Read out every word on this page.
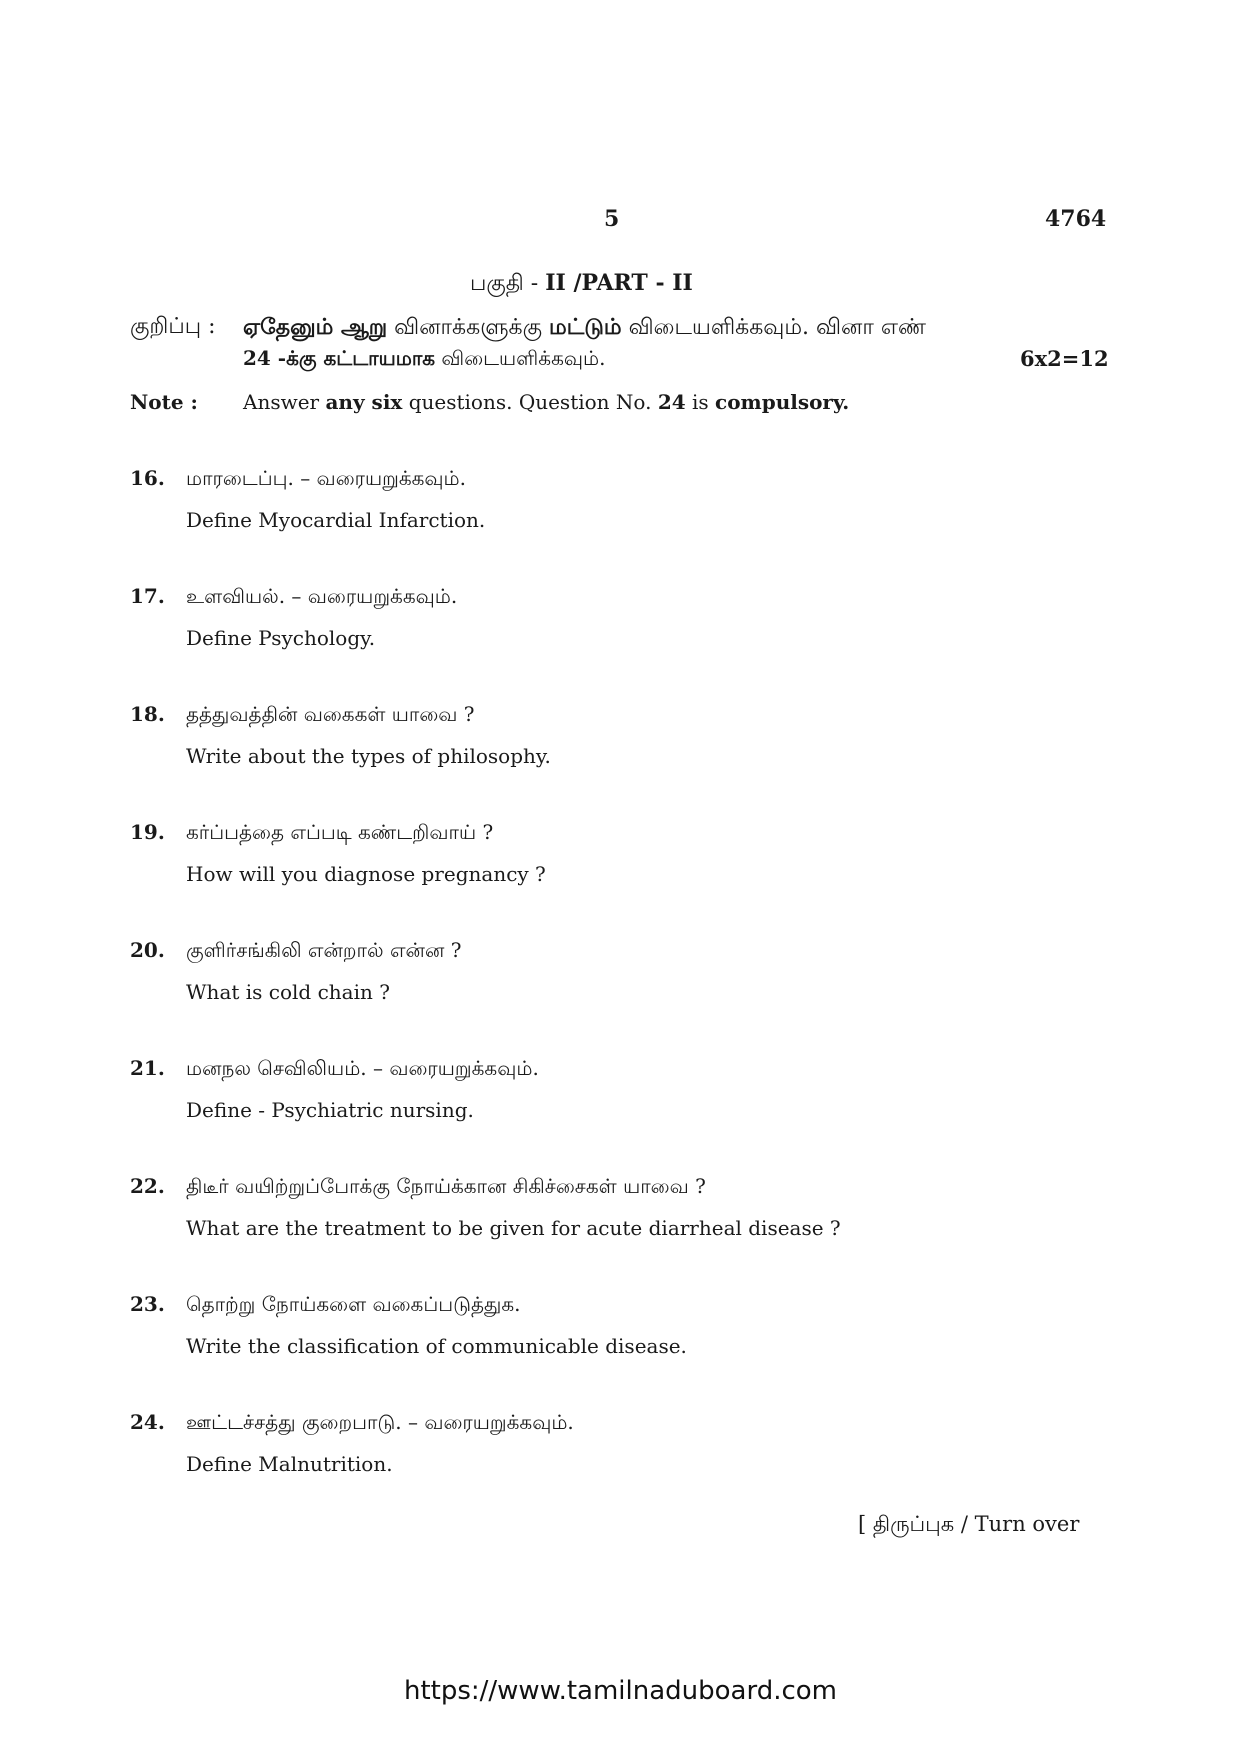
5	4764
பகுதி - II /PART - II
குறிப்பு : ஏதேனும் ஆறு வினாக்களுக்கு மட்டும் விடையளிக்கவும். வினா எண்
24 -க்கு கட்டாயமாக விடையளிக்கவும்.	6x2=12
Note : Answer any six questions. Question No. 24 is compulsory.
16. மாரடைப்பு. – வரையறுக்கவும்.
Define Myocardial Infarction.
17. உளவியல். – வரையறுக்கவும்.
Define Psychology.
18. தத்துவத்தின் வகைகள் யாவை ?
Write about the types of philosophy.
19. கர்ப்பத்தை எப்படி கண்டறிவாய் ?
How will you diagnose pregnancy ?
20. குளிர்சங்கிலி என்றால் என்ன ?
What is cold chain ?
21. மனநல செவிலியம். – வரையறுக்கவும்.
Define - Psychiatric nursing.
22. திடீர் வயிற்றுப்போக்கு நோய்க்கான சிகிச்சைகள் யாவை ?
What are the treatment to be given for acute diarrheal disease ?
23. தொற்று நோய்களை வகைப்படுத்துக.
Write the classification of communicable disease.
24. ஊட்டச்சத்து குறைபாடு. – வரையறுக்கவும்.
Define Malnutrition.
[ திருப்புக / Turn over
https://www.tamilnaduboard.com
